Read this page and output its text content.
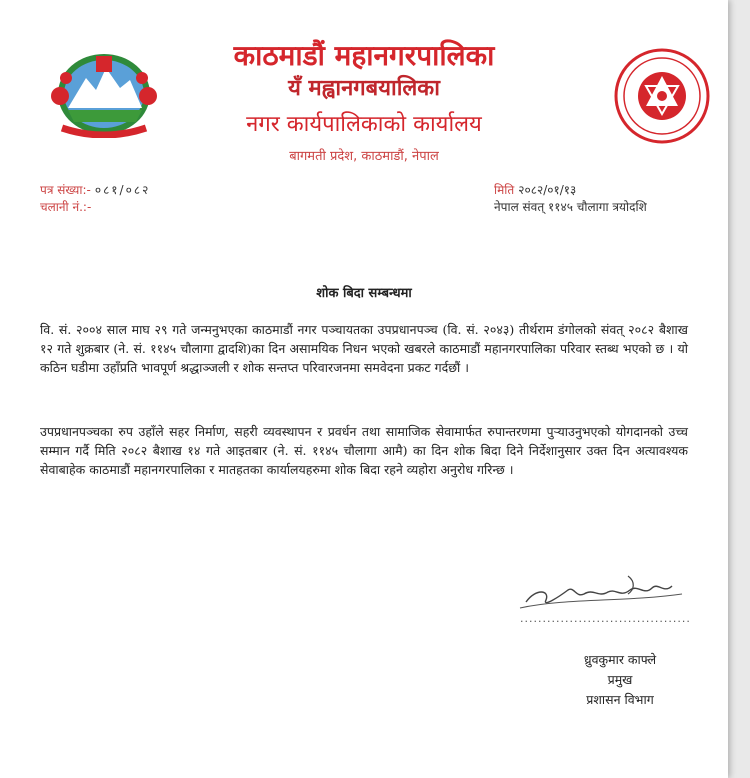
काठमाडौं महानगरपालिका
यँ मह्वानगबयालिका
नगर कार्यपालिकाको कार्यालय
बागमती प्रदेश, काठमाडौं, नेपाल
पत्र संख्या:- ०८१/०८२
चलानी नं.:-
मिति २०८२/०१/१३
नेपाल संवत् ११४५ चौलागा त्रयोदशि
शोक बिदा सम्बन्धमा
वि. सं. २००४ साल माघ २९ गते जन्मनुभएका काठमाडौं नगर पञ्चायतका उपप्रधानपञ्च (वि. सं. २०४३) तीर्थराम डंगोलको संवत् २०८२ बैशाख १२ गते शुक्रबार (ने. सं. ११४५ चौलागा द्वादशि)का दिन असामयिक निधन भएको खबरले काठमाडौं महानगरपालिका परिवार स्तब्ध भएको छ । यो कठिन घडीमा उहाँप्रति भावपूर्ण श्रद्धाञ्जली र शोक सन्तप्त परिवारजनमा समवेदना प्रकट गर्दछौं ।
उपप्रधानपञ्चका रुप उहाँले सहर निर्माण, सहरी व्यवस्थापन र प्रवर्धन तथा सामाजिक सेवामार्फत रुपान्तरणमा पुऱ्याउनुभएको योगदानको उच्च सम्मान गर्दै मिति २०८२ बैशाख १४ गते आइतबार (ने. सं. ११४५ चौलागा आमै) का दिन शोक बिदा दिने निर्देशानुसार उक्त दिन अत्यावश्यक सेवाबाहेक काठमाडौं महानगरपालिका र मातहतका कार्यालयहरुमा शोक बिदा रहने व्यहोरा अनुरोध गरिन्छ ।
......................................
ध्रुवकुमार काफ्ले
प्रमुख
प्रशासन विभाग
